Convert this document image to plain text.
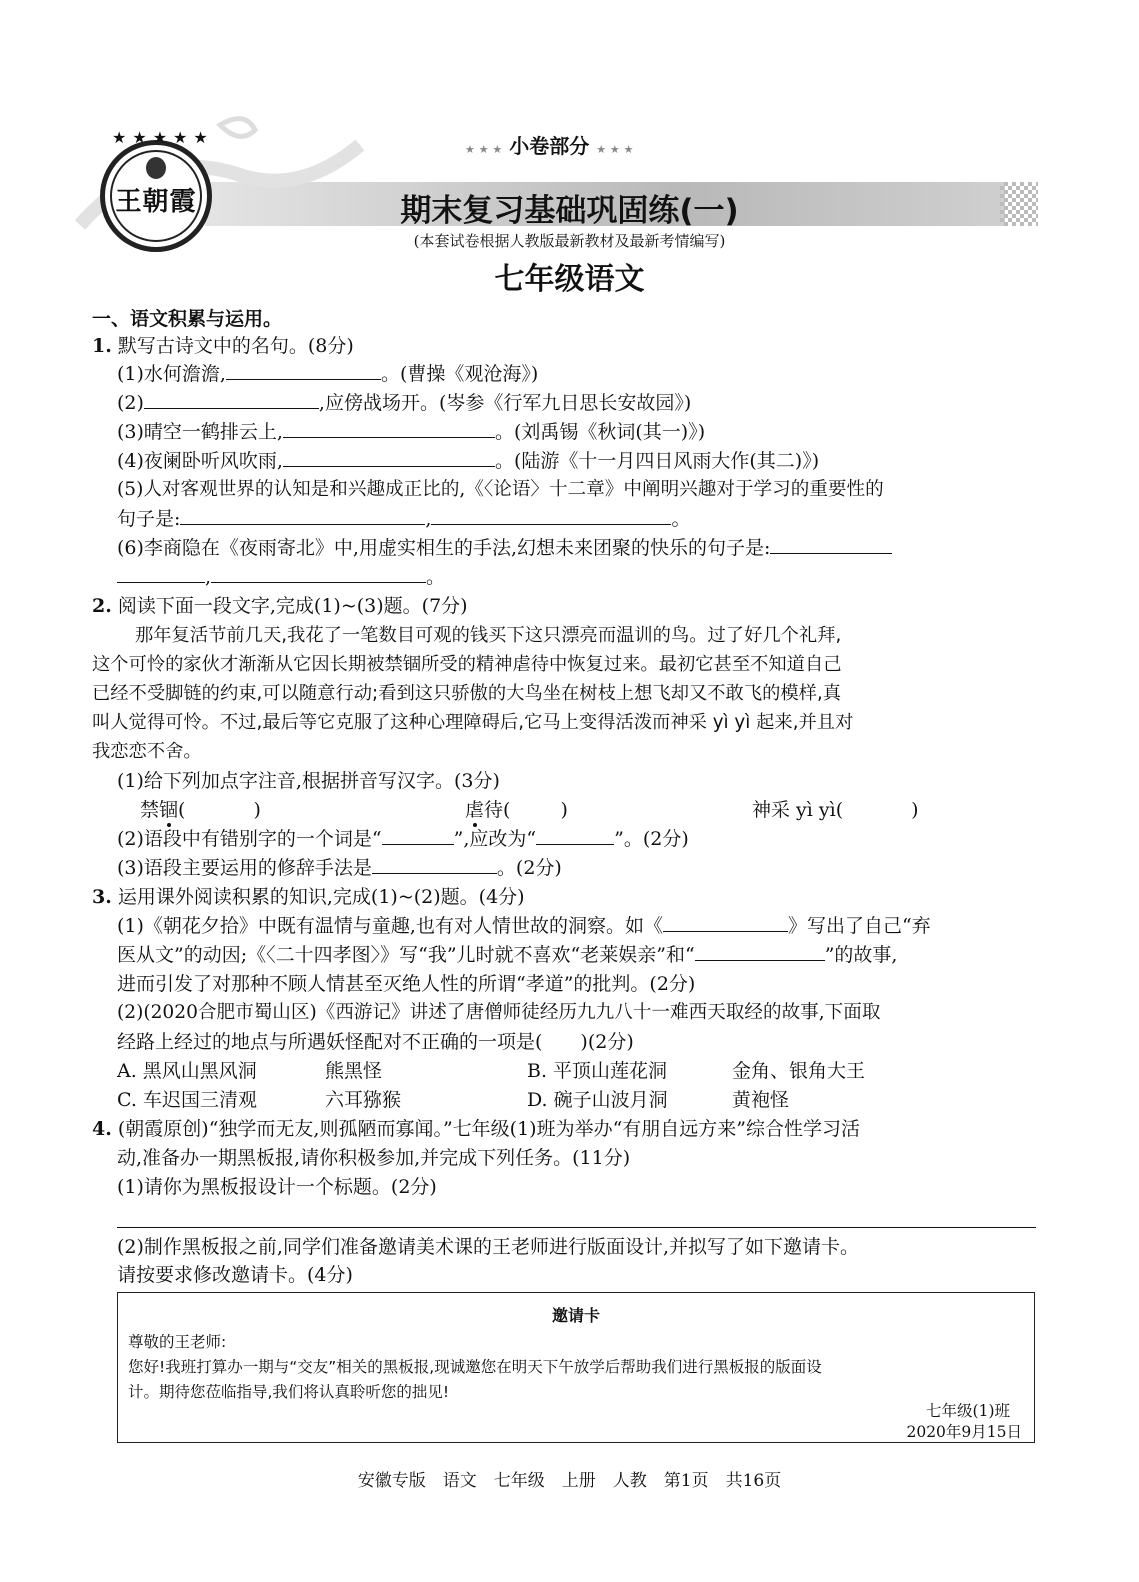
王朝霞
★★★★★
★ ★ ★ 小卷部分 ★ ★ ★
期末复习基础巩固练(一)
(本套试卷根据人教版最新教材及最新考情编写)
七年级语文
一、语文积累与运用。
1. 默写古诗文中的名句。(8分)
(1)水何澹澹,	。(曹操《观沧海》)
(2)	,应傍战场开。(岑参《行军九日思长安故园》)
(3)晴空一鹤排云上,	。(刘禹锡《秋词(其一)》)
(4)夜阑卧听风吹雨,	。(陆游《十一月四日风雨大作(其二)》)
(5)人对客观世界的认知是和兴趣成正比的,《〈论语〉十二章》中阐明兴趣对于学习的重要性的
句子是:	,	。
(6)李商隐在《夜雨寄北》中,用虚实相生的手法,幻想未来团聚的快乐的句子是:
,	。
2. 阅读下面一段文字,完成(1)~(3)题。(7分)
那年复活节前几天,我花了一笔数目可观的钱买下这只漂亮而温训的鸟。过了好几个礼拜,
这个可怜的家伙才渐渐从它因长期被禁锢所受的精神虐待中恢复过来。最初它甚至不知道自己
已经不受脚链的约束,可以随意行动;看到这只骄傲的大鸟坐在树枝上想飞却又不敢飞的模样,真
叫人觉得可怜。不过,最后等它克服了这种心理障碍后,它马上变得活泼而神采 yì yì 起来,并且对
我恋恋不舍。
(1)给下列加点字注音,根据拼音写汉字。(3分)
禁锢(	)	虐待(	)	神采 yì yì(	)
(2)语段中有错别字的一个词是“	”,应改为“	”。(2分)
(3)语段主要运用的修辞手法是	。(2分)
3. 运用课外阅读积累的知识,完成(1)~(2)题。(4分)
(1)《朝花夕拾》中既有温情与童趣,也有对人情世故的洞察。如《	》写出了自己“弃
医从文”的动因;《〈二十四孝图〉》写“我”儿时就不喜欢“老莱娱亲”和“	”的故事,
进而引发了对那种不顾人情甚至灭绝人性的所谓“孝道”的批判。(2分)
(2)(2020合肥市蜀山区)《西游记》讲述了唐僧师徒经历九九八十一难西天取经的故事,下面取
经路上经过的地点与所遇妖怪配对不正确的一项是(　　)(2分)
A. 黑风山黑风洞	熊黑怪	B. 平顶山莲花洞	金角、银角大王
C. 车迟国三清观	六耳猕猴	D. 碗子山波月洞	黄袍怪
4. (朝霞原创)“独学而无友,则孤陋而寡闻。”七年级(1)班为举办“有朋自远方来”综合性学习活
动,准备办一期黑板报,请你积极参加,并完成下列任务。(11分)
(1)请你为黑板报设计一个标题。(2分)
(2)制作黑板报之前,同学们准备邀请美术课的王老师进行版面设计,并拟写了如下邀请卡。
请按要求修改邀请卡。(4分)
邀请卡
尊敬的王老师:
您好!我班打算办一期与“交友”相关的黑板报,现诚邀您在明天下午放学后帮助我们进行黑板报的版面设
计。期待您莅临指导,我们将认真聆听您的拙见!
七年级(1)班
2020年9月15日
安徽专版　语文　七年级　上册　人教　第1页　共16页
